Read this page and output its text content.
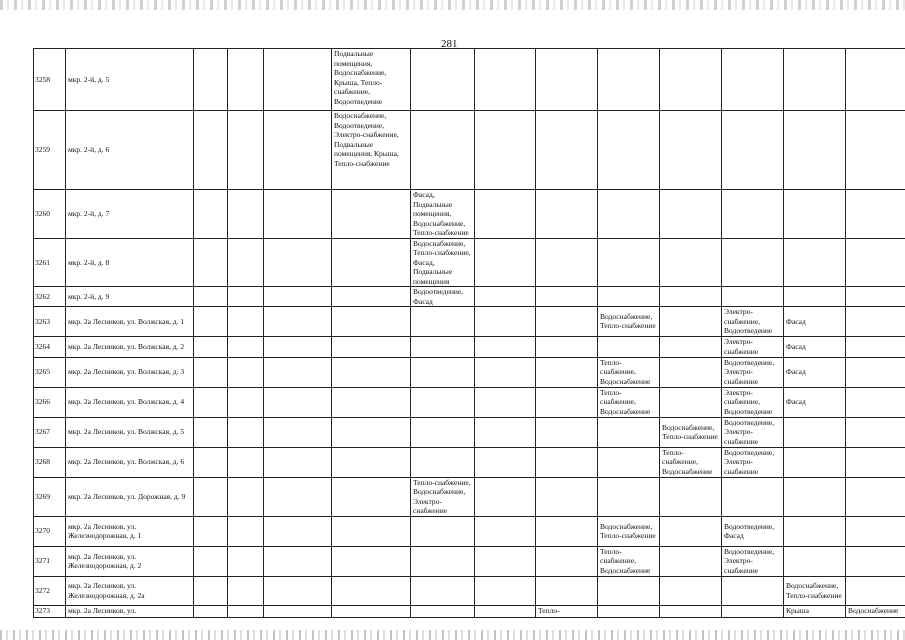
281
3258	мкр. 2-й, д. 5				Подвальные помещения, Водоснабжение, Крыша, Тепло-снабжение, Водоотведение									
3259	мкр. 2-й, д. 6				Водоснабжение, Водоотведение, Электро-снабжение, Подвальные помещения, Крыша, Тепло-снабжение									
3260	мкр. 2-й, д. 7					Фасад, Подвальные помещения, Водоснабжение, Тепло-снабжение								
3261	мкр. 2-й, д. 8					Водоснабжение, Тепло-снабжение, Фасад, Подвальные помещения								
3262	мкр. 2-й, д. 9					Водоотведение, Фасад								
3263	мкр. 2а Лесников, ул. Волжская, д. 1								Водоснабжение, Тепло-снабжение		Электро-снабжение, Водоотведение	Фасад		
3264	мкр. 2а Лесников, ул. Волжская, д. 2										Электро-снабжение	Фасад		
3265	мкр. 2а Лесников, ул. Волжская, д. 3								Тепло-снабжение, Водоснабжение		Водоотведение, Электро-снабжение	Фасад		
3266	мкр. 2а Лесников, ул. Волжская, д. 4								Тепло-снабжение, Водоснабжение		Электро-снабжение, Водоотведение	Фасад		
3267	мкр. 2а Лесников, ул. Волжская, д. 5									Водоснабжение, Тепло-снабжение	Водоотведение, Электро-снабжение			
3268	мкр. 2а Лесников, ул. Волжская, д. 6									Тепло-снабжение, Водоснабжение	Водоотведение, Электро-снабжение			
3269	мкр. 2а Лесников, ул. Дорожная, д. 9					Тепло-снабжение, Водоснабжение, Электро-снабжение								
3270	мкр. 2а Лесников, ул. Железнодорожная, д. 1								Водоснабжение, Тепло-снабжение		Водоотведение, Фасад			
3271	мкр. 2а Лесников, ул. Железнодорожная, д. 2								Тепло-снабжение, Водоснабжение		Водоотведение, Электро-снабжение			
3272	мкр. 2а Лесников, ул. Железнодорожная, д. 2а											Водоснабжение, Тепло-снабжение		
3273	мкр. 2а Лесников, ул.							Тепло-				Крыша	Водоснабжение	
